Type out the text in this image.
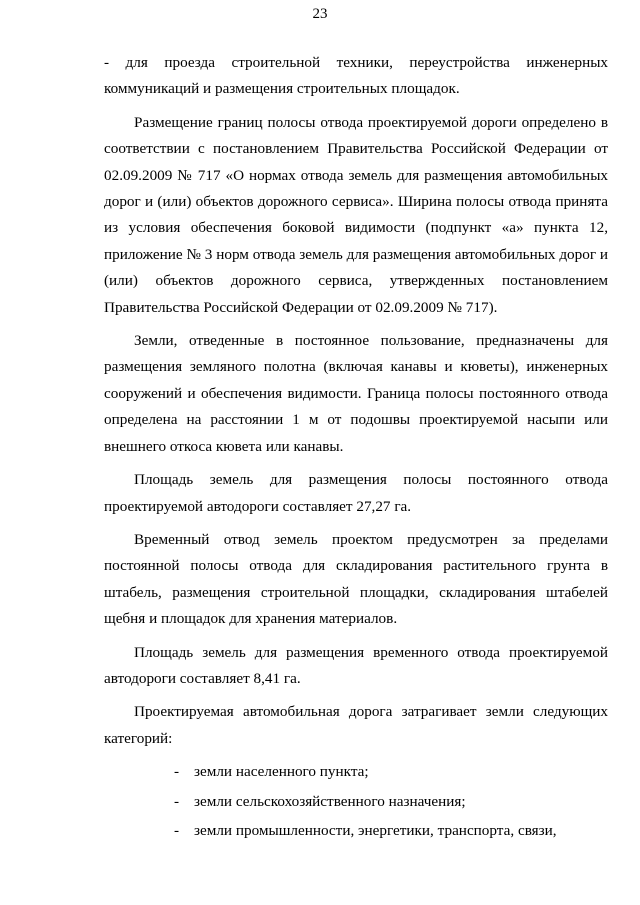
23

- для проезда строительной техники, переустройства инженерных коммуникаций и размещения строительных площадок.

Размещение границ полосы отвода проектируемой дороги определено в соответствии с постановлением Правительства Российской Федерации от 02.09.2009 № 717 «О нормах отвода земель для размещения автомобильных дорог и (или) объектов дорожного сервиса». Ширина полосы отвода принята из условия обеспечения боковой видимости (подпункт «а» пункта 12, приложение № 3 норм отвода земель для размещения автомобильных дорог и (или) объектов дорожного сервиса, утвержденных постановлением Правительства Российской Федерации от 02.09.2009 № 717).

Земли, отведенные в постоянное пользование, предназначены для размещения земляного полотна (включая канавы и кюветы), инженерных сооружений и обеспечения видимости. Граница полосы постоянного отвода определена на расстоянии 1 м от подошвы проектируемой насыпи или внешнего откоса кювета или канавы.

Площадь земель для размещения полосы постоянного отвода проектируемой автодороги составляет 27,27 га.

Временный отвод земель проектом предусмотрен за пределами постоянной полосы отвода для складирования растительного грунта в штабель, размещения строительной площадки, складирования штабелей щебня и площадок для хранения материалов.

Площадь земель для размещения временного отвода проектируемой автодороги составляет 8,41 га.

Проектируемая автомобильная дорога затрагивает земли следующих категорий:

- земли населенного пункта;
- земли сельскохозяйственного назначения;
- земли промышленности, энергетики, транспорта, связи,
